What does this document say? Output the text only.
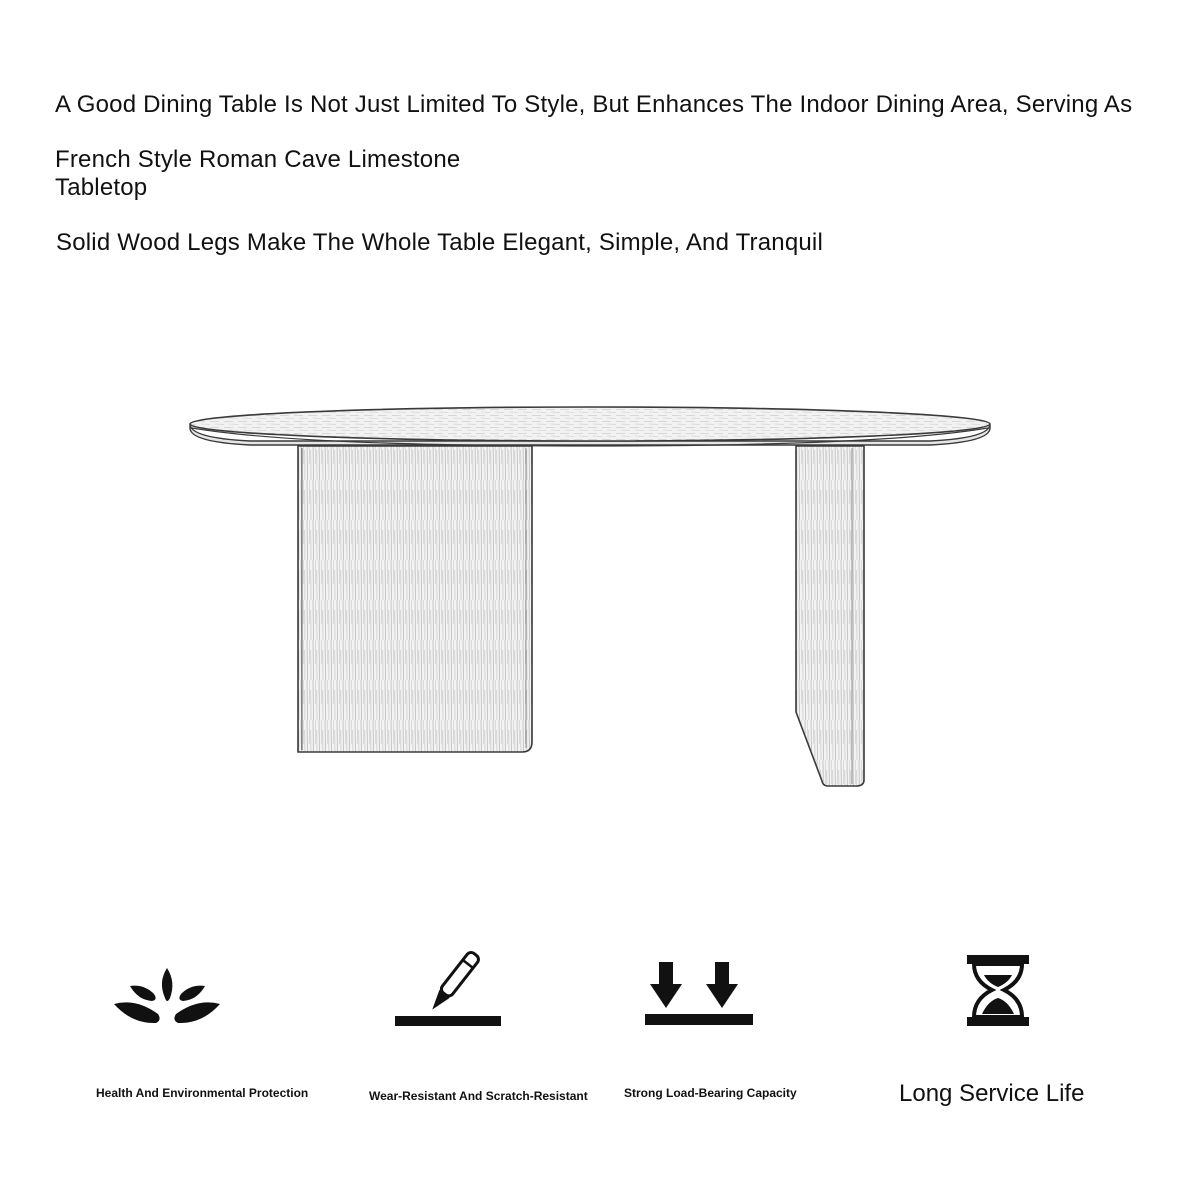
A Good Dining Table Is Not Just Limited To Style, But Enhances The Indoor Dining Area, Serving As
French Style Roman Cave Limestone
Tabletop
Solid Wood Legs Make The Whole Table Elegant, Simple, And Tranquil
Health And Environmental Protection	Wear-Resistant And Scratch-Resistant	Strong Load-Bearing Capacity	Long Service Life
